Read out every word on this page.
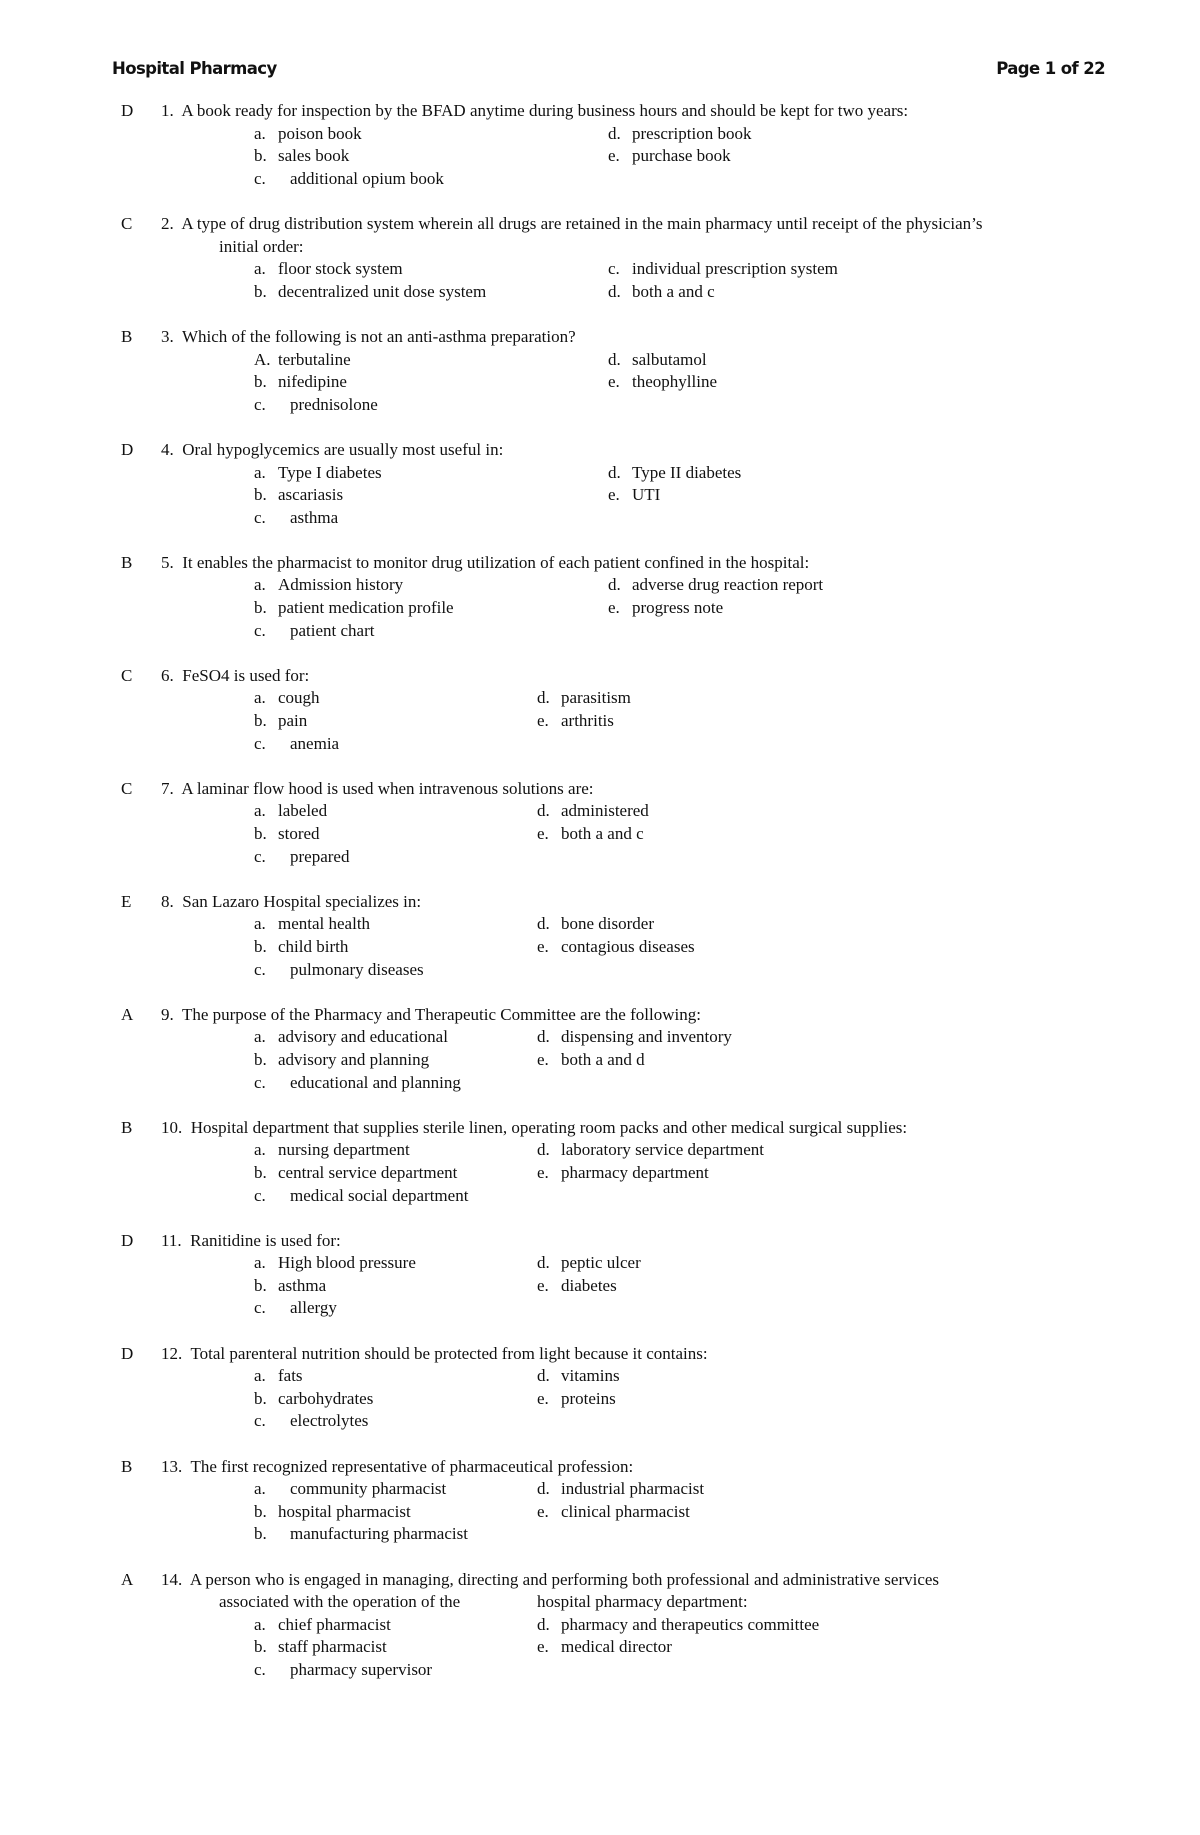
Hospital Pharmacy	Page 1 of 22
D 1. A book ready for inspection by the BFAD anytime during business hours and should be kept for two years:
a. poison book	d. prescription book
b. sales book	e. purchase book
c. additional opium book
C 2. A type of drug distribution system wherein all drugs are retained in the main pharmacy until receipt of the physician’s
initial order:
a. floor stock system	c. individual prescription system
b. decentralized unit dose system	d. both a and c
B 3. Which of the following is not an anti-asthma preparation?
A. terbutaline	d. salbutamol
b. nifedipine	e. theophylline
c. prednisolone
D 4. Oral hypoglycemics are usually most useful in:
a. Type I diabetes	d. Type II diabetes
b. ascariasis	e. UTI
c. asthma
B 5. It enables the pharmacist to monitor drug utilization of each patient confined in the hospital:
a. Admission history	d. adverse drug reaction report
b. patient medication profile	e. progress note
c. patient chart
C 6. FeSO4 is used for:
a. cough	d. parasitism
b. pain	e. arthritis
c. anemia
C 7. A laminar flow hood is used when intravenous solutions are:
a. labeled	d. administered
b. stored	e. both a and c
c. prepared
E 8. San Lazaro Hospital specializes in:
a. mental health	d. bone disorder
b. child birth	e. contagious diseases
c. pulmonary diseases
A 9. The purpose of the Pharmacy and Therapeutic Committee are the following:
a. advisory and educational	d. dispensing and inventory
b. advisory and planning	e. both a and d
c. educational and planning
B 10. Hospital department that supplies sterile linen, operating room packs and other medical surgical supplies:
a. nursing department	d. laboratory service department
b. central service department	e. pharmacy department
c. medical social department
D 11. Ranitidine is used for:
a. High blood pressure	d. peptic ulcer
b. asthma	e. diabetes
c. allergy
D 12. Total parenteral nutrition should be protected from light because it contains:
a. fats	d. vitamins
b. carbohydrates	e. proteins
c. electrolytes
B 13. The first recognized representative of pharmaceutical profession:
a. community pharmacist	d. industrial pharmacist
b. hospital pharmacist	e. clinical pharmacist
b. manufacturing pharmacist
A 14. A person who is engaged in managing, directing and performing both professional and administrative services
associated with the operation of the	hospital pharmacy department:
a. chief pharmacist	d. pharmacy and therapeutics committee
b. staff pharmacist	e. medical director
c. pharmacy supervisor
